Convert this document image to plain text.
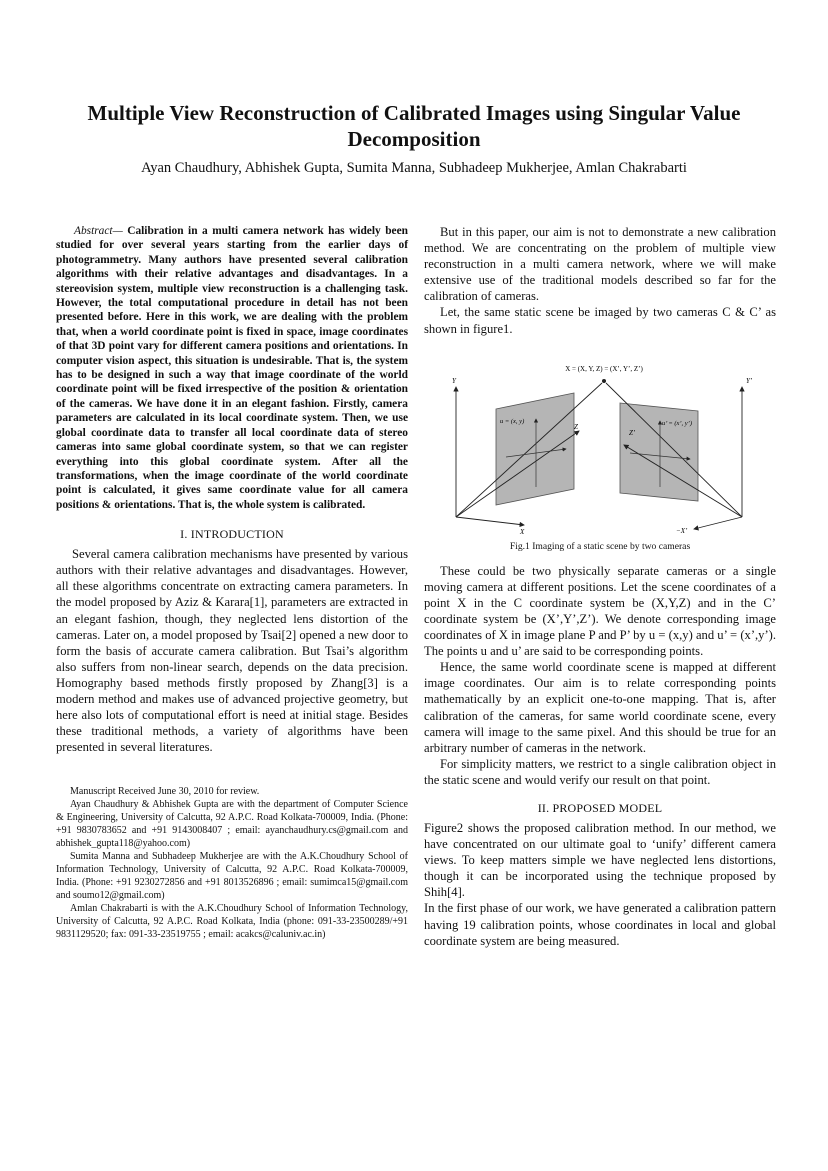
Multiple View Reconstruction of Calibrated Images using Singular Value Decomposition
Ayan Chaudhury, Abhishek Gupta, Sumita Manna, Subhadeep Mukherjee, Amlan Chakrabarti

Abstract— Calibration in a multi camera network has widely been studied for over several years starting from the earlier days of photogrammetry. Many authors have presented several calibration algorithms with their relative advantages and disadvantages. In a stereovision system, multiple view reconstruction is a challenging task. However, the total computational procedure in detail has not been presented before. Here in this work, we are dealing with the problem that, when a world coordinate point is fixed in space, image coordinates of that 3D point vary for different camera positions and orientations. In computer vision aspect, this situation is undesirable. That is, the system has to be designed in such a way that image coordinate of the world coordinate point will be fixed irrespective of the position & orientation of the cameras. We have done it in an elegant fashion. Firstly, camera parameters are calculated in its local coordinate system. Then, we use global coordinate data to transfer all local coordinate data of stereo cameras into same global coordinate system, so that we can register everything into this global coordinate system. After all the transformations, when the image coordinate of the world coordinate point is calculated, it gives same coordinate value for all camera positions & orientations. That is, the whole system is calibrated.

I. INTRODUCTION

Several camera calibration mechanisms have presented by various authors with their relative advantages and disadvantages. However, all these algorithms concentrate on extracting camera parameters. In the model proposed by Aziz & Karara[1], parameters are extracted in an elegant fashion, though, they neglected lens distortion of the cameras. Later on, a model proposed by Tsai[2] opened a new door to form the basis of accurate camera calibration. But Tsai’s algorithm also suffers from non-linear search, depends on the data precision. Homography based methods firstly proposed by Zhang[3] is a modern method and makes use of advanced projective geometry, but here also lots of computational effort is need at initial stage. Besides these traditional methods, a variety of algorithms have been presented in several literatures.

Manuscript Received June 30, 2010 for review.

Ayan Chaudhury & Abhishek Gupta are with the department of Computer Science & Engineering, University of Calcutta, 92 A.P.C. Road Kolkata-700009, India. (Phone: +91 9830783652 and +91 9143008407 ; email: ayanchaudhury.cs@gmail.com and abhishek_gupta118@yahoo.com)

Sumita Manna and Subhadeep Mukherjee are with the A.K.Choudhury School of Information Technology, University of Calcutta, 92 A.P.C. Road Kolkata-700009, India. (Phone: +91 9230272856 and +91 8013526896 ; email: sumimca15@gmail.com and soumo12@gmail.com)

Amlan Chakrabarti is with the A.K.Choudhury School of Information Technology, University of Calcutta, 92 A.P.C. Road Kolkata, India (phone: 091-33-23500289/+91 9831129520; fax: 091-33-23519755 ; email: acakcs@caluniv.ac.in)

But in this paper, our aim is not to demonstrate a new calibration method. We are concentrating on the problem of multiple view reconstruction in a multi camera network, where we will make extensive use of the traditional models described so far for the calibration of cameras.

Let, the same static scene be imaged by two cameras C & C’ as shown in figure1.

X = (X, Y, Z) = (X’, Y’, Z’)
Y	Y’
u = (x, y)	u’ = (x’, y’)
Z
Z’
X	−X’
Fig.1 Imaging of a static scene by two cameras

These could be two physically separate cameras or a single moving camera at different positions. Let the scene coordinates of a point X in the C coordinate system be (X,Y,Z) and in the C’ coordinate system be (X’,Y’,Z’). We denote corresponding image coordinates of X in image plane P and P’ by u = (x,y) and u’ = (x’,y’). The points u and u’ are said to be corresponding points.

Hence, the same world coordinate scene is mapped at different image coordinates. Our aim is to relate corresponding points mathematically by an explicit one-to-one mapping. That is, after calibration of the cameras, for same world coordinate scene, every camera will image to the same pixel. And this should be true for an arbitrary number of cameras in the network.

For simplicity matters, we restrict to a single calibration object in the static scene and would verify our result on that point.

II. PROPOSED MODEL

Figure2 shows the proposed calibration method. In our method, we have concentrated on our ultimate goal to ‘unify’ different camera views. To keep matters simple we have neglected lens distortions, though it can be incorporated using the technique proposed by Shih[4].

In the first phase of our work, we have generated a calibration pattern having 19 calibration points, whose coordinates in local and global coordinate system are being measured.
